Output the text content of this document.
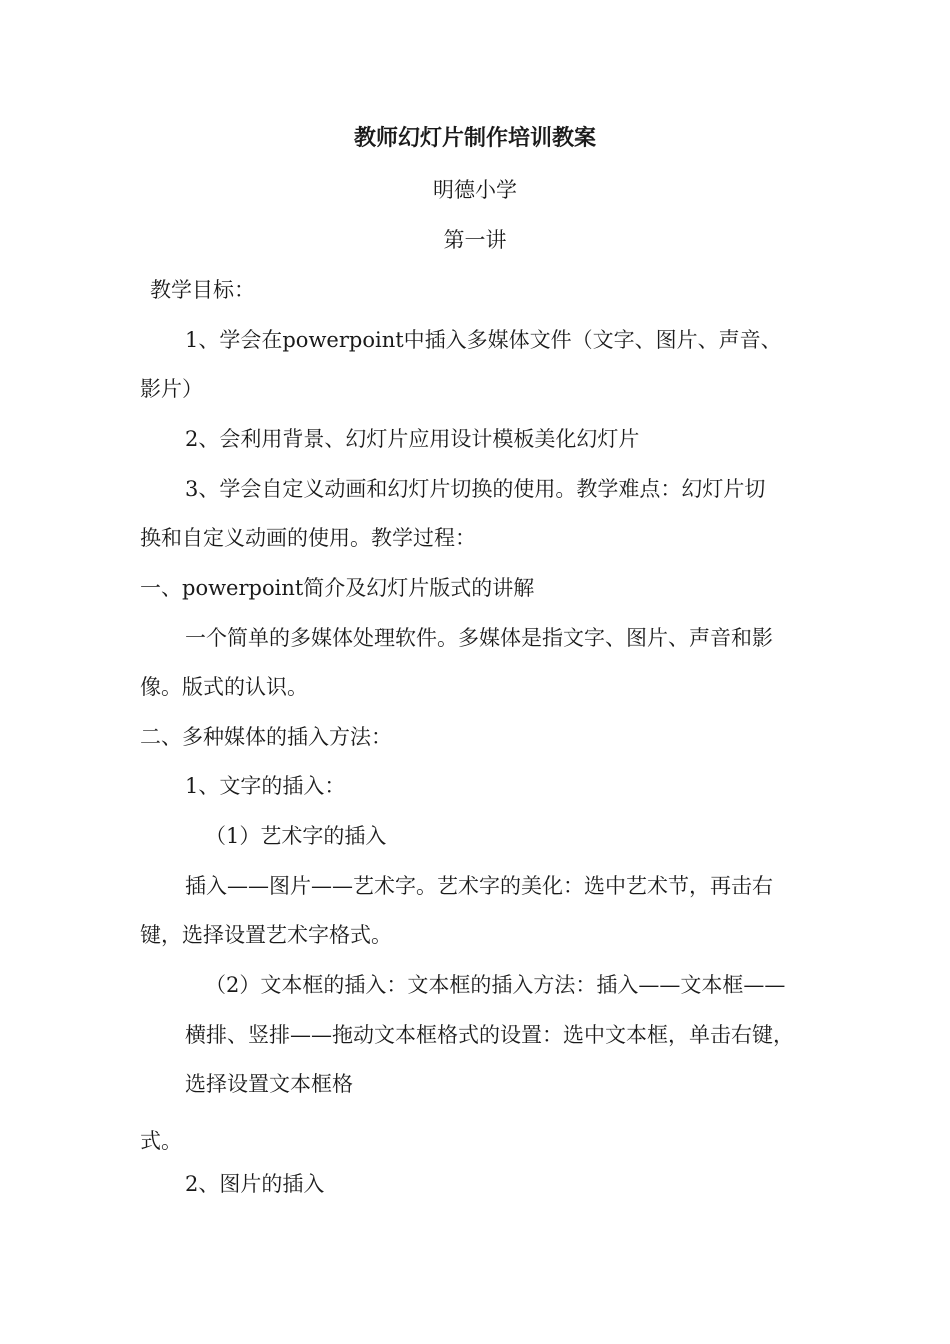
教师幻灯片制作培训教案
明德小学
第一讲
教学目标：
1、学会在powerpoint中插入多媒体文件（文字、图片、声音、
影片）
2、会利用背景、幻灯片应用设计模板美化幻灯片
3、学会自定义动画和幻灯片切换的使用。教学难点：幻灯片切
换和自定义动画的使用。教学过程：
一、powerpoint简介及幻灯片版式的讲解
一个简单的多媒体处理软件。多媒体是指文字、图片、声音和影
像。版式的认识。
二、多种媒体的插入方法：
1、文字的插入：
（1）艺术字的插入
插入——图片——艺术字。艺术字的美化：选中艺术节，再击右
键，选择设置艺术字格式。
（2）文本框的插入：文本框的插入方法：插入——文本框——
横排、竖排——拖动文本框格式的设置：选中文本框，单击右键，
选择设置文本框格
式。
2、图片的插入
